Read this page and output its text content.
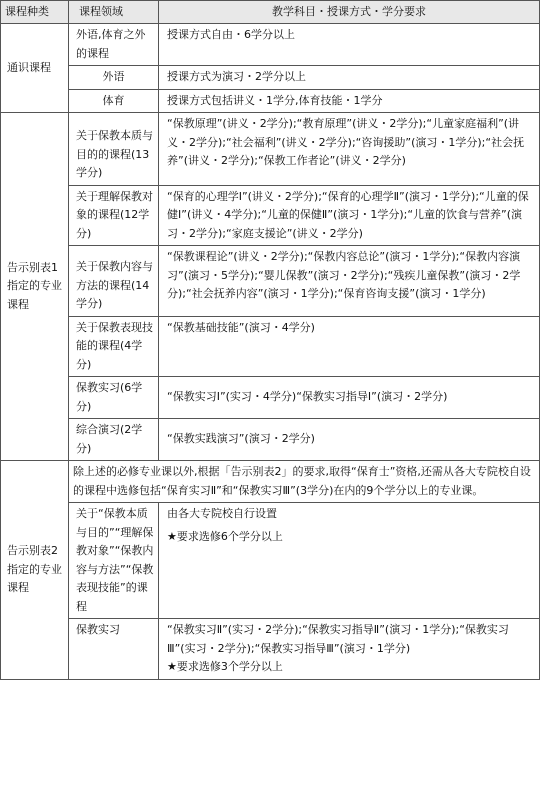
课程种类	课程领域	教学科目・授课方式・学分要求
通识课程	外语,体育之外的课程	授课方式自由・6学分以上
	外语	授课方式为演习・2学分以上
	体育	授课方式包括讲义・1学分,体育技能・1学分
告示别表1指定的专业课程	关于保教本质与目的的课程(13学分)	“保教原理”(讲义・2学分);“教育原理”(讲义・2学分);“儿童家庭福利”(讲义・2学分);“社会福利”(讲义・2学分);“咨询援助”(演习・1学分);“社会抚养”(讲义・2学分);“保教工作者论”(讲义・2学分)
	关于理解保教对象的课程(12学分)	“保育的心理学Ⅰ”(讲义・2学分);“保育的心理学Ⅱ”(演习・1学分);“儿童的保健Ⅰ”(讲义・4学分);“儿童的保健Ⅱ”(演习・1学分);“儿童的饮食与营养”(演习・2学分);“家庭支援论”(讲义・2学分)
	关于保教内容与方法的课程(14学分)	“保教课程论”(讲义・2学分);“保教内容总论”(演习・1学分);“保教内容演习”(演习・5学分);“婴儿保教”(演习・2学分);“残疾儿童保教”(演习・2学分);“社会抚养内容”(演习・1学分);“保育咨询支援”(演习・1学分)
	关于保教表现技能的课程(4学分)	“保教基础技能”(演习・4学分)
	保教实习(6学分)	“保教实习Ⅰ”(实习・4学分)“保教实习指导Ⅰ”(演习・2学分)
	综合演习(2学分)	“保教实践演习”(演习・2学分)
告示别表2指定的专业课程	除上述的必修专业课以外,根据「告示别表2」的要求,取得“保育士”资格,还需从各大专院校自设的课程中选修包括“保育实习Ⅱ”和“保教实习Ⅲ”(3学分)在内的9个学分以上的专业课。	
	关于“保教本质与目的”“理解保教对象”“保教内容与方法”“保教表现技能”的课程	由各大专院校自行设置
★要求选修6个学分以上

	保教实习	“保教实习Ⅱ”(实习・2学分);“保教实习指导Ⅱ”(演习・1学分);“保教实习Ⅲ”(实习・2学分);“保教实习指导Ⅲ”(演习・1学分)
★要求选修3个学分以上
